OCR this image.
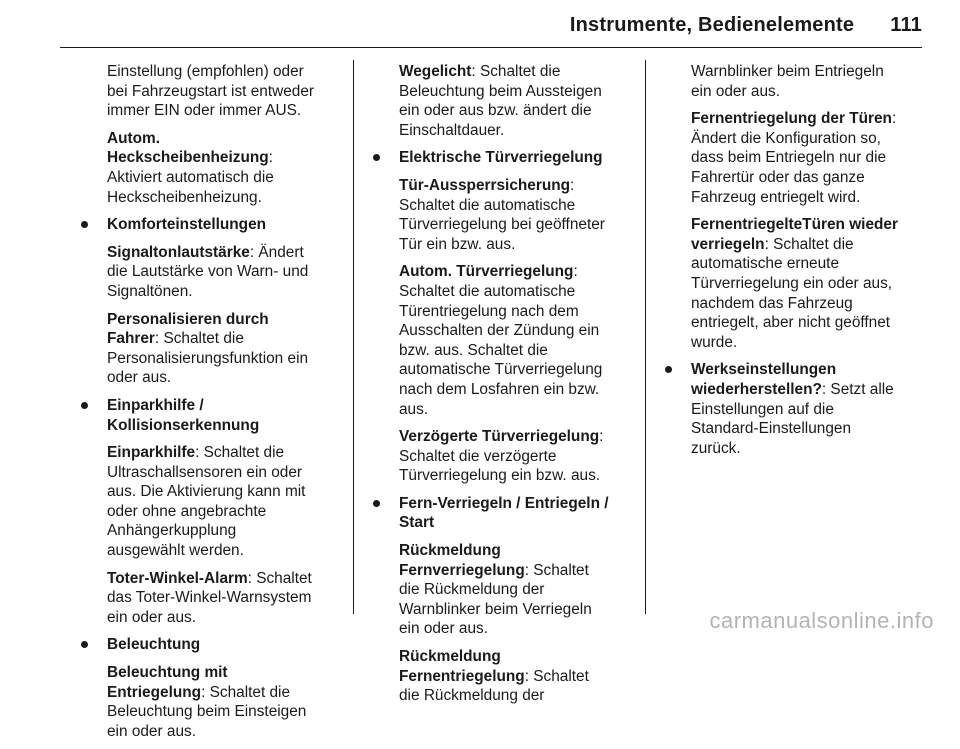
Instrumente, Bedienelemente 111

Einstellung (empfohlen) oder bei Fahrzeugstart ist entweder immer EIN oder immer AUS.

Autom. Heckscheibenheizung: Aktiviert automatisch die Heckscheibenheizung.

Komforteinstellungen

Signaltonlautstärke: Ändert die Lautstärke von Warn- und Signaltönen.

Personalisieren durch Fahrer: Schaltet die Personalisierungsfunktion ein oder aus.

Einparkhilfe / Kollisionserkennung

Einparkhilfe: Schaltet die Ultraschallsensoren ein oder aus. Die Aktivierung kann mit oder ohne angebrachte Anhängerkupplung ausgewählt werden.

Toter-Winkel-Alarm: Schaltet das Toter-Winkel-Warnsystem ein oder aus.

Beleuchtung

Beleuchtung mit Entriegelung: Schaltet die Beleuchtung beim Einsteigen ein oder aus.

Wegelicht: Schaltet die Beleuchtung beim Aussteigen ein oder aus bzw. ändert die Einschaltdauer.

Elektrische Türverriegelung

Tür-Aussperrsicherung: Schaltet die automatische Türverriegelung bei geöffneter Tür ein bzw. aus.

Autom. Türverriegelung: Schaltet die automatische Türentriegelung nach dem Ausschalten der Zündung ein bzw. aus. Schaltet die automatische Türverriegelung nach dem Losfahren ein bzw. aus.

Verzögerte Türverriegelung: Schaltet die verzögerte Türverriegelung ein bzw. aus.

Fern-Verriegeln / Entriegeln / Start

Rückmeldung Fernverriegelung: Schaltet die Rückmeldung der Warnblinker beim Verriegeln ein oder aus.

Rückmeldung Fernentriegelung: Schaltet die Rückmeldung der

Warnblinker beim Entriegeln ein oder aus.

Fernentriegelung der Türen: Ändert die Konfiguration so, dass beim Entriegeln nur die Fahrertür oder das ganze Fahrzeug entriegelt wird.

FernentriegelteTüren wieder verriegeln: Schaltet die automatische erneute Türverriegelung ein oder aus, nachdem das Fahrzeug entriegelt, aber nicht geöffnet wurde.

Werkseinstellungen wiederherstellen?: Setzt alle Einstellungen auf die Standard-Einstellungen zurück.
carmanualsonline.info
